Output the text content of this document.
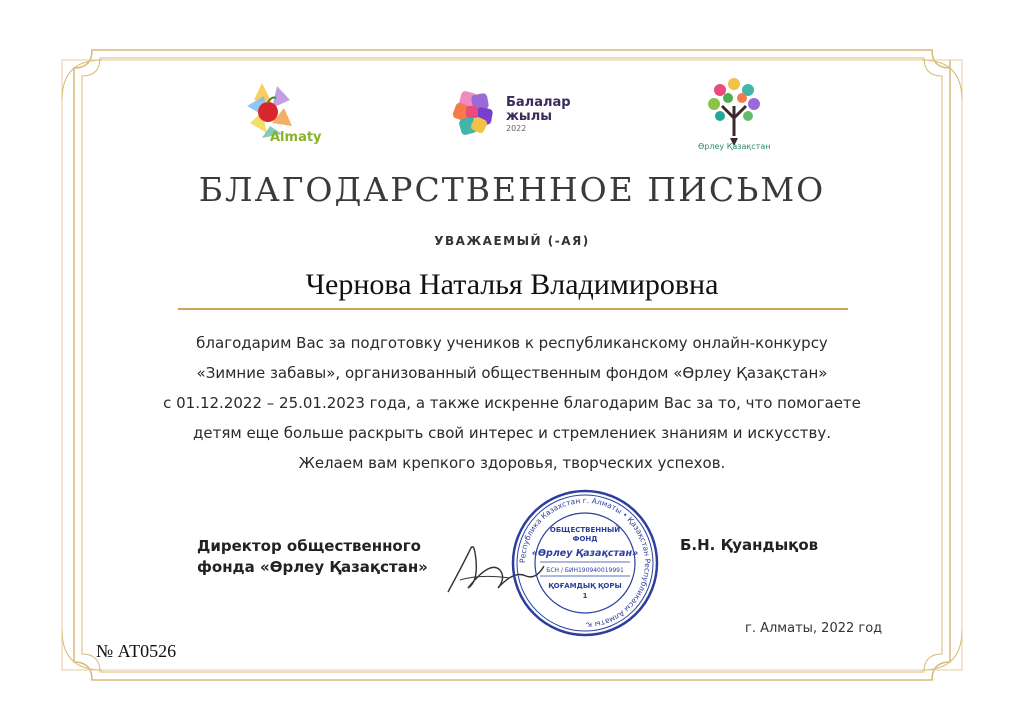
Almaty
Балалар
жылы
2022
Өрлеу Қазақстан
БЛАГОДАРСТВЕННОЕ ПИСЬМО
УВАЖАЕМЫЙ (-АЯ)
Чернова Наталья Владимировна
благодарим Вас за подготовку учеников к республиканскому онлайн-конкурсу
«Зимние забавы», организованный общественным фондом «Өрлеу Қазақстан»
с 01.12.2022 – 25.01.2023 года, а также искренне благодарим Вас за то, что помогаете
детям еще больше раскрыть свой интерес и стремлениек знаниям и искусству.
Желаем вам крепкого здоровья, творческих успехов.
Директор общественного
фонда «Өрлеу Қазақстан»	Республика Казахстан г. Алматы • Қазақстан Республикасы Алматы қ.
ОБЩЕСТВЕННЫЙ
ФОНД
«Өрлеу Қазақстан»
БСН / БИН190940019991
ҚОҒАМДЫҚ ҚОРЫ
1
Б.Н. Қуандықов
г. Алматы, 2022 год
№ АТ0526
